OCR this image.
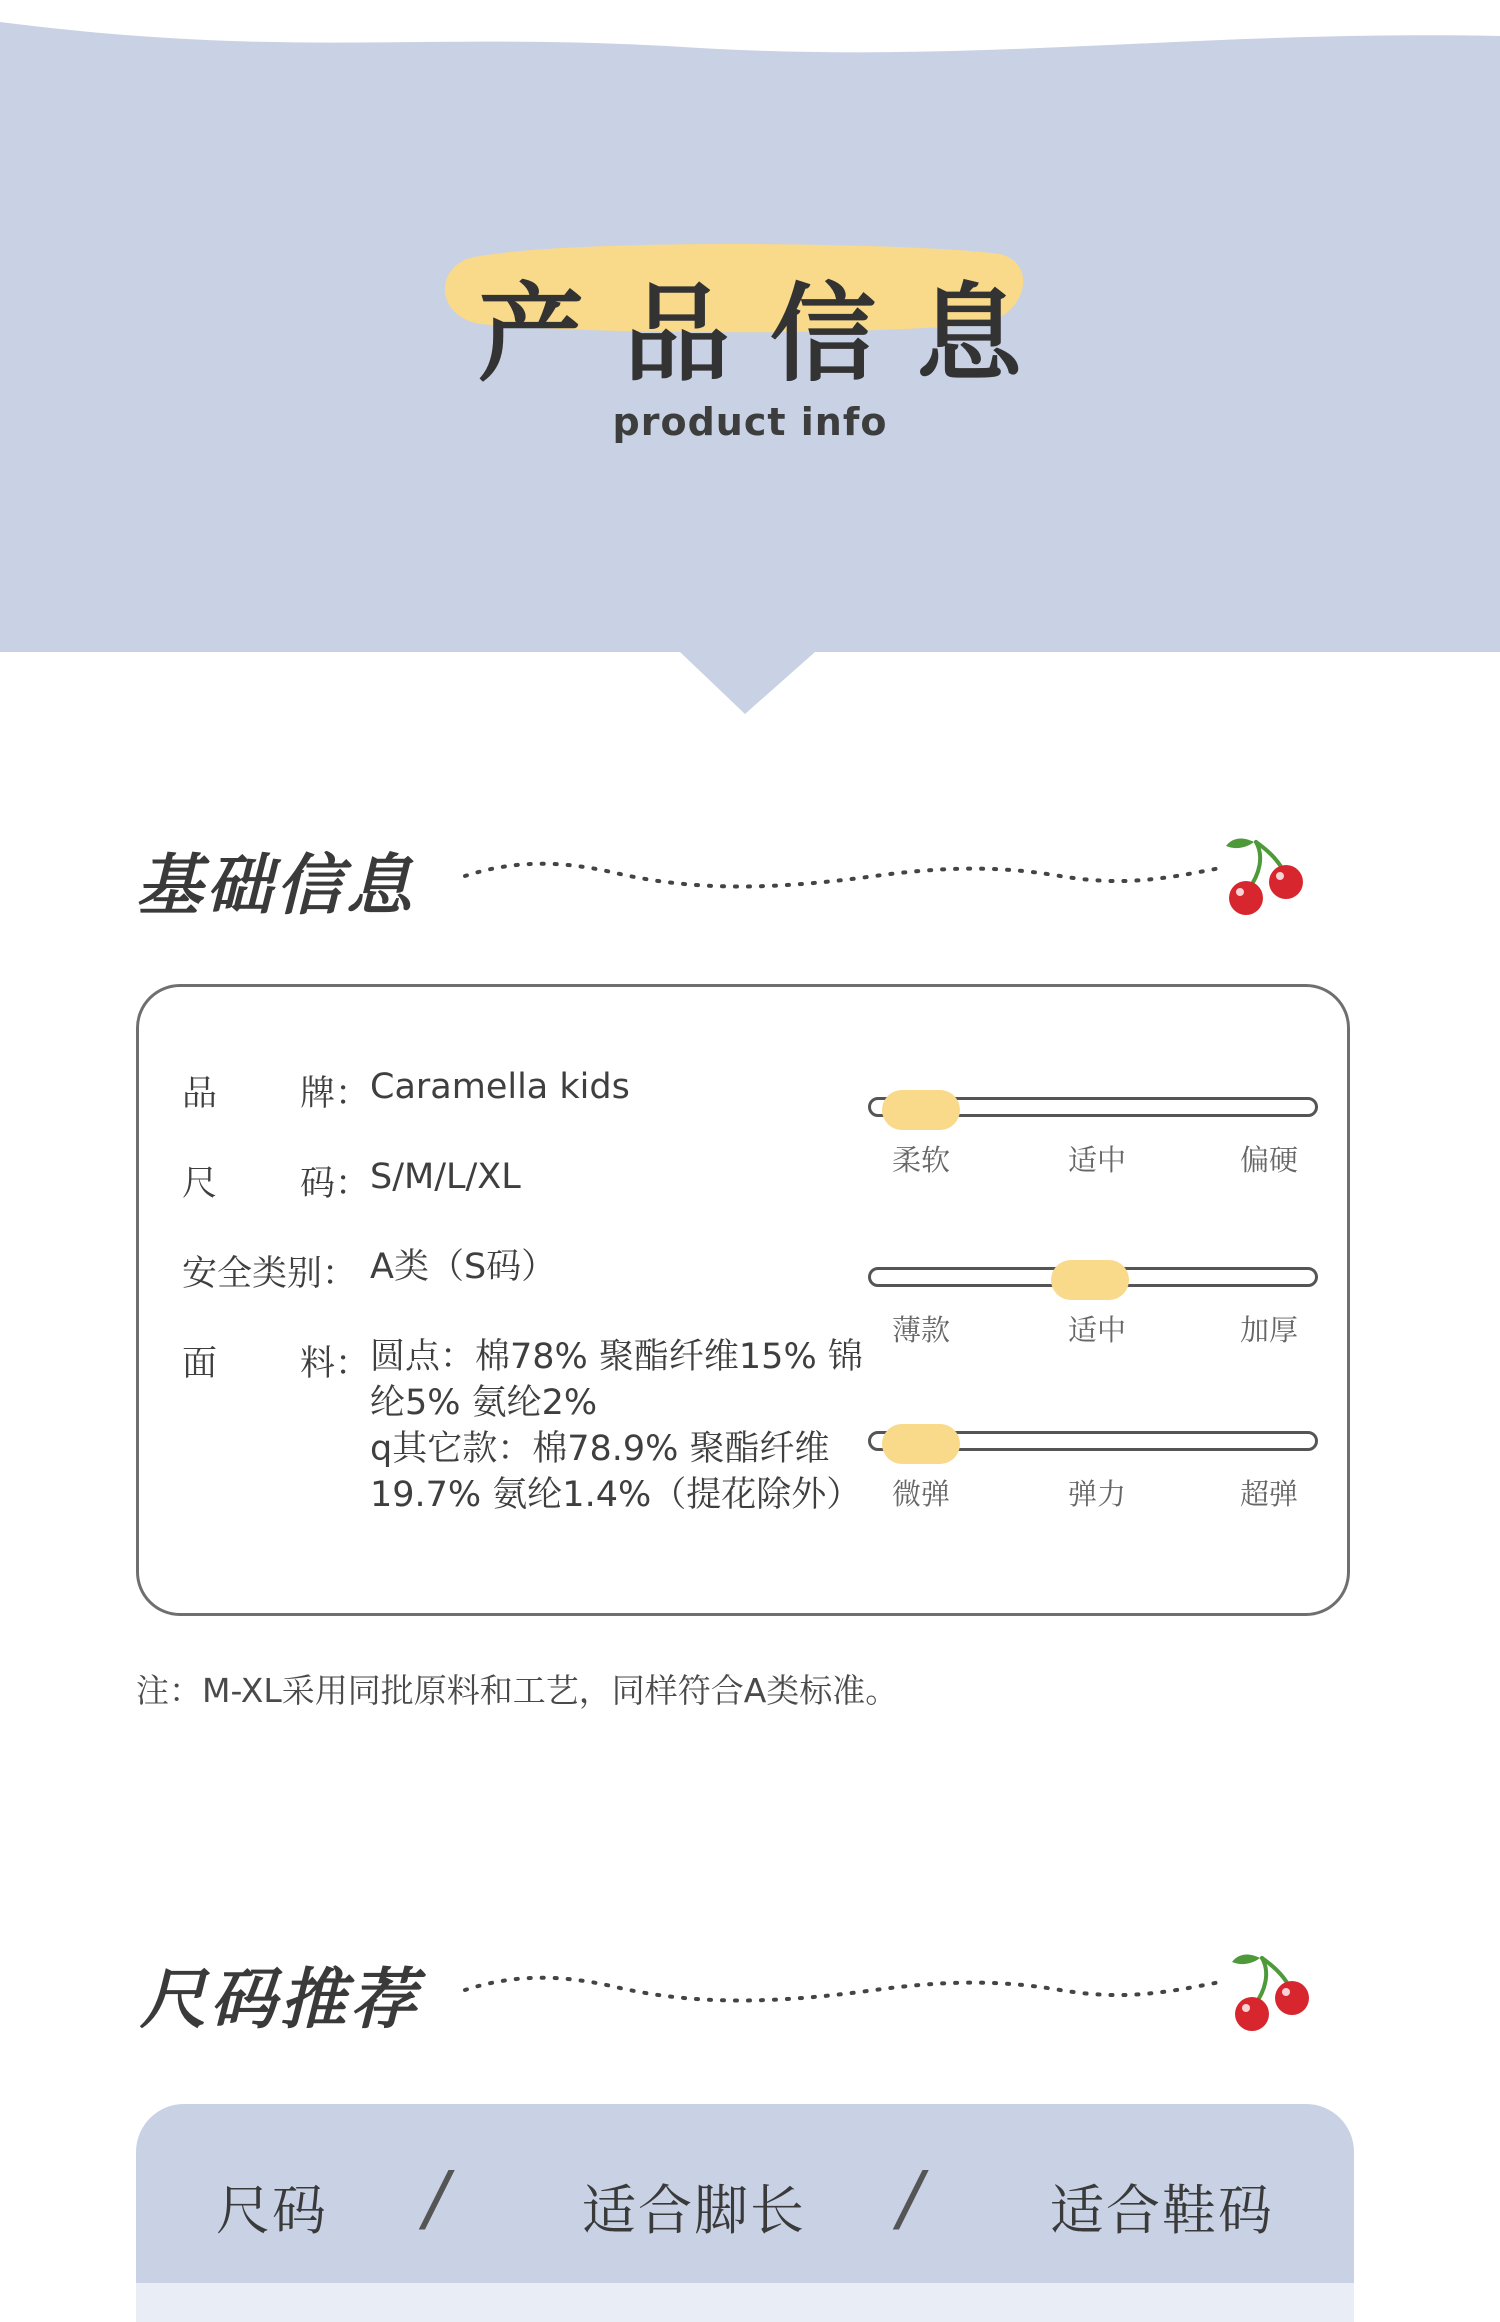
产品信息
product info
基础信息
品 牌： Caramella kids
尺 码： S/M/L/XL
安全类别： A类（S码）
面 料： 圆点：棉78% 聚酯纤维15% 锦
纶5% 氨纶2%
q其它款：棉78.9% 聚酯纤维
19.7% 氨纶1.4%（提花除外）
柔软	适中	偏硬
薄款	适中	加厚
微弹	弹力	超弹
注：M-XL采用同批原料和工艺，同样符合A类标准。
尺码推荐
尺码 / 适合脚长 / 适合鞋码
